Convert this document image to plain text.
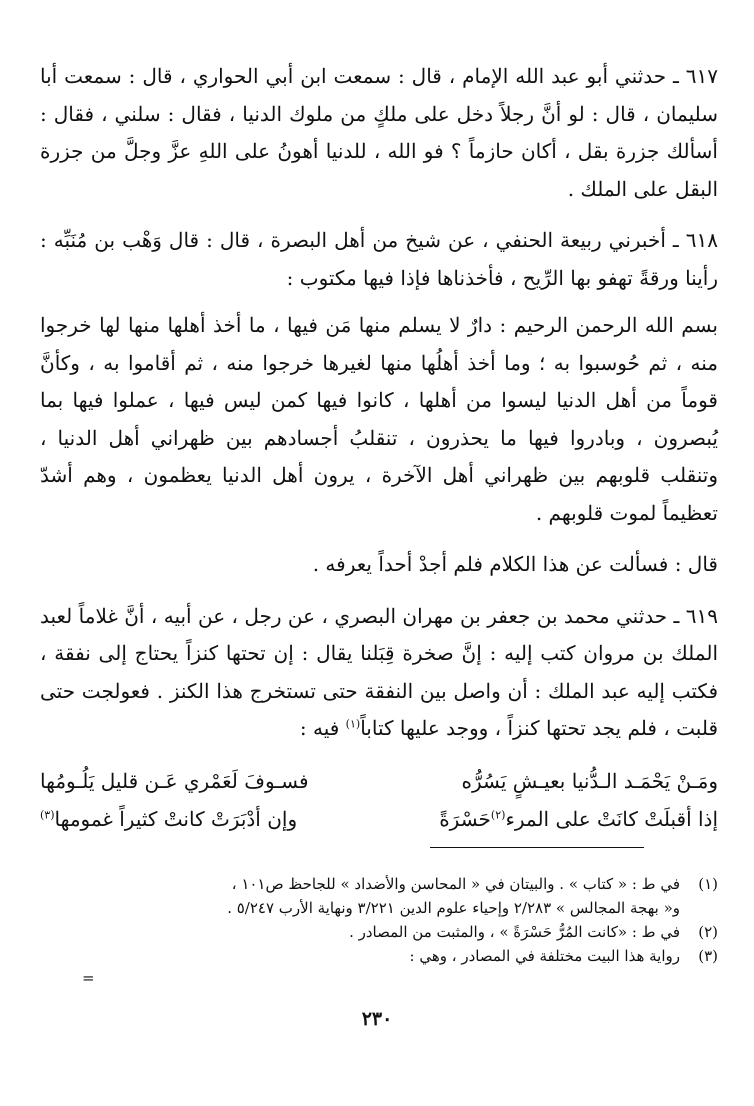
٦١٧ ـ حدثني أبو عبد الله الإمام ، قال : سمعت ابن أبي الحواري ، قال : سمعت أبا سليمان ، قال : لو أنَّ رجلاً دخل على ملكٍ من ملوك الدنيا ، فقال : سلني ، فقال : أسألك جزرة بقل ، أكان حازماً ؟ فو الله ، للدنيا أهونُ على اللهِ عزَّ وجلَّ من جزرة البقل على الملك .

٦١٨ ـ أخبرني ربيعة الحنفي ، عن شيخ من أهل البصرة ، قال : قال وَهْب بن مُنَبِّه : رأينا ورقةً تهفو بها الرِّيح ، فأخذناها فإذا فيها مكتوب :

بسم الله الرحمن الرحيم : دارٌ لا يسلم منها مَن فيها ، ما أخذ أهلها منها لها خرجوا منه ، ثم حُوسبوا به ؛ وما أخذ أهلُها منها لغيرها خرجوا منه ، ثم أقاموا به ، وكأنَّ قوماً من أهل الدنيا ليسوا من أهلها ، كانوا فيها كمن ليس فيها ، عملوا فيها بما يُبصرون ، وبادروا فيها ما يحذرون ، تنقلبُ أجسادهم بين ظهراني أهل الدنيا ، وتنقلب قلوبهم بين ظهراني أهل الآخرة ، يرون أهل الدنيا يعظمون ، وهم أشدّ تعظيماً لموت قلوبهم .

قال : فسألت عن هذا الكلام فلم أجدْ أحداً يعرفه .

٦١٩ ـ حدثني محمد بن جعفر بن مهران البصري ، عن رجل ، عن أبيه ، أنَّ غلاماً لعبد الملك بن مروان كتب إليه : إنَّ صخرة قِبَلنا يقال : إن تحتها كنزاً يحتاج إلى نفقة ، فكتب إليه عبد الملك : أن واصل بين النفقة حتى تستخرج هذا الكنز . فعولجت حتى قلبت ، فلم يجد تحتها كنزاً ، ووجد عليها كتاباً$^{(١)}$ فيه :

ومَـنْ يَحْمَـد الـدُّنيا بعيـشٍ يَسُرُّه
فسـوفَ لَعَمْري عَـن قليل يَلُـومُها
إذا أقبلَتْ كانَتْ على المرء$^{(٢)}$حَسْرَةً
وإن أدْبَرَتْ كانتْ كثيراً غمومها$^{(٣)}$
(١)
في ط : « كتاب » . والبيتان في « المحاسن والأضداد » للجاحظ ص١٠١ ،
و« بهجة المجالس » ٢/٢٨٣ وإحياء علوم الدين ٣/٢٢١ ونهاية الأرب ٥/٢٤٧ .
(٢)
في ط : «كانت المُرُّ حَسْرَةً » ، والمثبت من المصادر .
(٣)
رواية هذا البيت مختلفة في المصادر ، وهي :
=
٢٣٠
